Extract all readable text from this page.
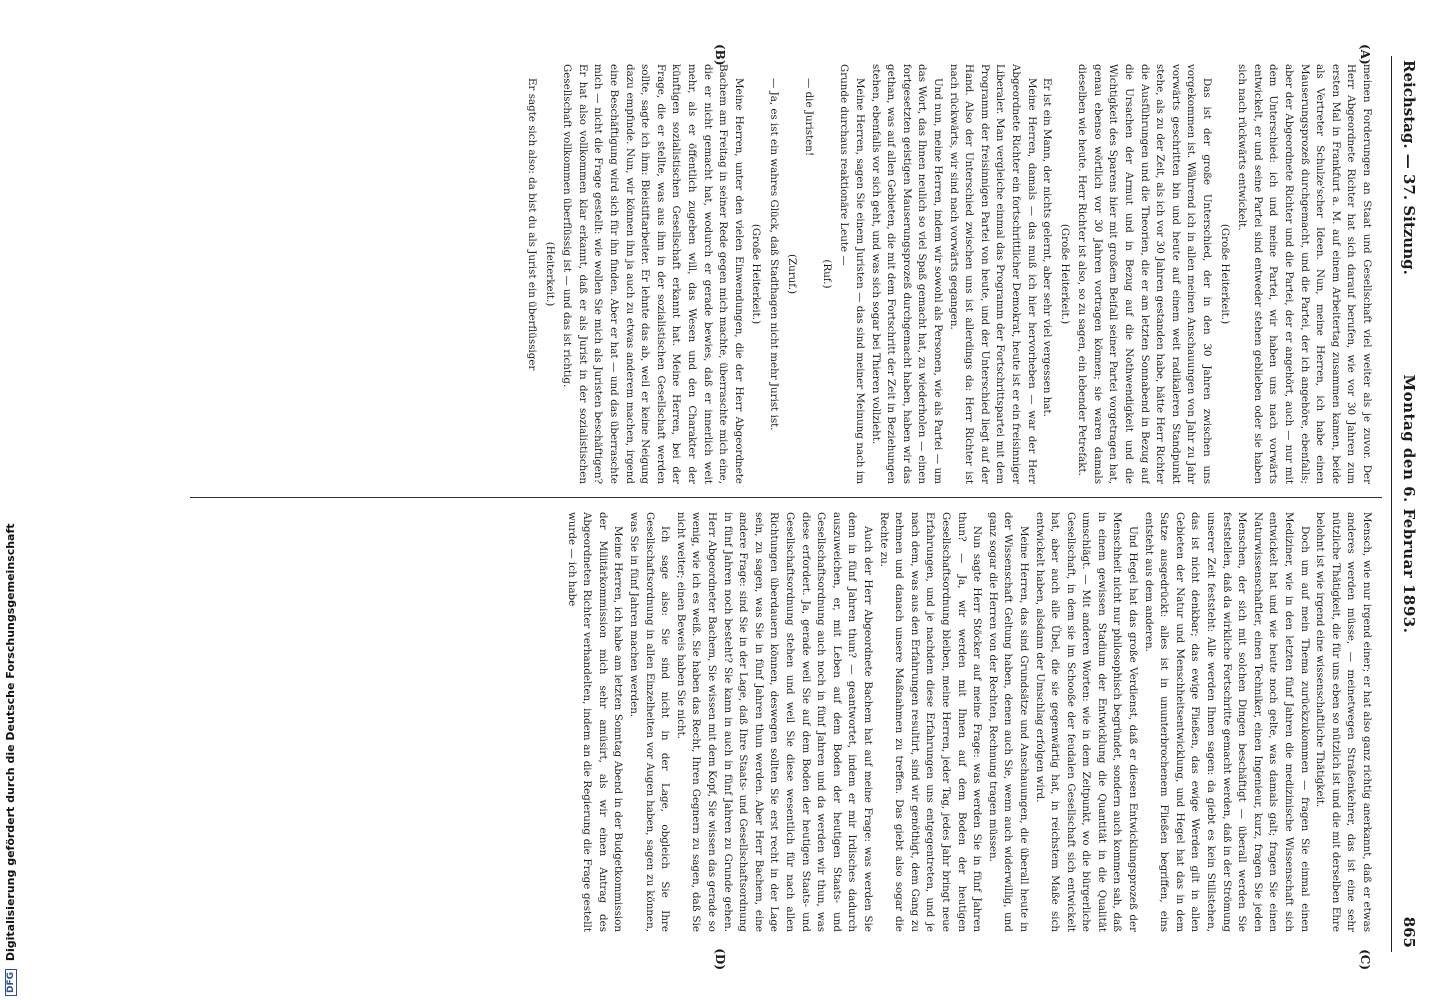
Reichstag. — 37. Sitzung.
Montag den 6. Februar 1893.
865
(A)
(B)
(C)
(D)

meinen Forderungen an Staat und Gesellschaft viel weiter als je zuvor. Der Herr Abgeordnete Richter hat sich darauf berufen, wie vor 30 Jahren zum ersten Mal in Frankfurt a. M. auf einem Arbeitertag zusammen kamen, beide als Vertreter Schulze'scher Ideen. Nun, meine Herren, ich habe einen Mauserungsprozeß durchgemacht, und die Partei, der ich angehöre, ebenfalls; aber der Abgeordnete Richter und die Partei, der er angehört, auch — nur mit dem Unterschied: ich und meine Partei, wir haben uns nach vorwärts entwickelt, er und seine Partei sind entweder stehen geblieben oder sie haben sich nach rückwärts entwickelt.

(Große Heiterkeit.)

Das ist der große Unterschied, der in den 30 Jahren zwischen uns vorgekommen ist. Während ich in allen meinen Anschauungen von Jahr zu Jahr vorwärts geschritten bin und heute auf einem weit radikaleren Standpunkt stehe, als zu der Zeit, als ich vor 30 Jahren gestanden habe, hätte Herr Richter die Ausführungen und die Theorien, die er am letzten Sonnabend in Bezug auf die Ursachen der Armut und in Bezug auf die Nothwendigkeit und die Wichtigkeit des Sparens hier mit großem Beifall seiner Partei vorgetragen hat, genau ebenso wörtlich vor 30 Jahren vortragen können; sie waren damals dieselben wie heute. Herr Richter ist also, so zu sagen, ein lebender Petrefakt.

(Große Heiterkeit.)

Er ist ein Mann, der nichts gelernt, aber sehr viel vergessen hat.

Meine Herren, damals — das muß ich hier hervorheben — war der Herr Abgeordnete Richter ein fortschrittlicher Demokrat, heute ist er ein freisinniger Liberaler. Man vergleiche einmal das Programm der Fortschrittspartei mit dem Programm der freisinnigen Partei von heute, und der Unterschied liegt auf der Hand. Also der Unterschied zwischen uns ist allerdings da: Herr Richter ist nach rückwärts, wir sind nach vorwärts gegangen.

Und nun, meine Herren, indem wir sowohl als Personen, wie als Partei — um das Wort, das Ihnen neulich so viel Spaß gemacht hat, zu wiederholen — einen fortgesetzten geistigen Mauserungsprozeß durchgemacht haben, haben wir das gethan, was auf allen Gebieten, die mit dem Fortschritt der Zeit in Beziehungen stehen, ebenfalls vor sich geht, und was sich sogar bei Thieren vollzieht.

Meine Herren, sagen Sie einem Juristen — das sind meiner Meinung nach im Grunde durchaus reaktionäre Leute —

(Ruf.)

— die Juristen!

(Zuruf.)

— Ja, es ist ein wahres Glück, daß Stadthagen nicht mehr Jurist ist.

(Große Heiterkeit.)

Meine Herren, unter den vielen Einwendungen, die der Herr Abgeordnete Bachem am Freitag in seiner Rede gegen mich machte, überraschte mich eine, die er nicht gemacht hat, wodurch er gerade bewies, daß er innerlich weit mehr, als er öffentlich zugeben will, das Wesen und den Charakter der künftigen sozialistischen Gesellschaft erkannt hat. Meine Herren, bei der Frage, die er stellte, was aus ihm in der sozialistischen Gesellschaft werden sollte, sagte ich ihm: Bleistiftarbeiter. Er lehnte das ab, weil er keine Neigung dazu empfinde. Nun, wir können ihn ja auch zu etwas anderem machen, irgend eine Beschäftigung wird sich für ihn finden. Aber er hat — und das überraschte mich — nicht die Frage gestellt: wie wollen Sie mich als Juristen beschäftigen? Er hat also vollkommen klar erkannt, daß er als Jurist in der sozialistischen Gesellschaft vollkommen überflüssig ist — und das ist richtig.

(Heiterkeit.)

Er sagte sich also: da bist du als Jurist ein überflüssiger

Mensch, wie nur irgend einer; er hat also ganz richtig anerkannt, daß er etwas anderes werden müsse, — meinetwegen Straßenkehrer, das ist eine sehr nützliche Thätigkeit, die für uns eben so nützlich ist und die mit derselben Ehre belohnt ist wie irgend eine wissenschaftliche Thätigkeit.

Doch um auf mein Thema zurückzukommen — fragen Sie einmal einen Mediziner, wie in den letzten fünf Jahren die medizinische Wissenschaft sich entwickelt hat und wie heute noch gelte, was damals galt; fragen Sie einen Naturwissenschaftler, einen Techniker, einen Ingenieur, kurz, fragen Sie jeden Menschen, der sich mit solchen Dingen beschäftigt — überall werden Sie feststellen, daß da wirkliche Fortschritte gemacht werden, daß in der Strömung unserer Zeit feststeht: Alle werden Ihnen sagen: da giebt es kein Stillstehen, das ist nicht denkbar; das ewige Fließen, das ewige Werden gilt in allen Gebieten der Natur und Menschheitsentwicklung, und Hegel hat das in dem Satze ausgedrückt: alles ist in ununterbrochenem Fließen begriffen, eins entsteht aus dem anderen.

Und Hegel hat das große Verdienst, daß er diesen Entwicklungsprozeß der Menschheit nicht nur philosophisch begründet, sondern auch kommen sah, daß in einem gewissen Stadium der Entwicklung die Quantität in die Qualität umschlägt. — Mit anderen Worten: wie in dem Zeitpunkt, wo die bürgerliche Gesellschaft, in dem sie im Schooße der feudalen Gesellschaft sich entwickelt hat, aber auch alle Übel, die sie gegenwärtig hat, in reichstem Maße sich entwickelt haben, alsdann der Umschlag erfolgen wird.

Meine Herren, das sind Grundsätze und Anschauungen, die überall heute in der Wissenschaft Geltung haben, denen auch Sie, wenn auch widerwillig, und ganz sogar die Herren von der Rechten, Rechnung tragen müssen.

Nun sagte Herr Stöcker auf meine Frage: was werden Sie in fünf Jahren thun? — Ja, wir werden mit Ihnen auf dem Boden der heutigen Gesellschaftsordnung bleiben, meine Herren, jeder Tag, jedes Jahr bringt neue Erfahrungen, und je nachdem diese Erfahrungen uns entgegentreten, und je nach dem, was aus den Erfahrungen resultirt, sind wir genöthigt, dem Gang zu nehmen und danach unsere Maßnahmen zu treffen. Das giebt also sogar die Rechte zu.

Auch der Herr Abgeordnete Bachem hat auf meine Frage: was werden Sie denn in fünf Jahren thun? — geantwortet, indem er mir Irdisches dadurch auszuweichen, er, mit Leben auf dem Boden der heutigen Staats- und Gesellschaftsordnung auch noch in fünf Jahren und da werden wir thun, was diese erfordert. Ja, gerade weil Sie auf dem Boden der heutigen Staats- und Gesellschaftsordnung stehen und weil Sie diese wesentlich für nach allen Richtungen überdauern können, deswegen sollten Sie erst recht in der Lage sein, zu sagen, was Sie in fünf Jahren thun werden. Aber Herr Bachem, eine andere Frage: sind Sie in der Lage, daß Ihre Staats- und Gesellschaftsordnung in fünf Jahren noch besteht? Sie kann in auch in fünf Jahren zu Grunde gehen. Herr Abgeordneter Bachem, Sie wissen mit dem Kopf, Sie wissen das gerade so wenig, wie ich es weiß. Sie haben das Recht, Ihren Gegnern zu sagen, daß Sie nicht weiter; einen Beweis haben Sie nicht.

Ich sage also: Sie sind nicht in der Lage, obgleich Sie Ihre Gesellschaftsordnung in allen Einzelheiten vor Augen haben, sagen zu können, was Sie in fünf Jahren machen werden.

Meine Herren, ich habe am letzten Sonntag Abend in der Budgetkommission der Militärkommission mich sehr amüsirt, als wir einen Antrag des Abgeordneten Richter verhandelten, indem an die Regierung die Frage gestellt wurde — ich habe

DFG Digitalisierung gefördert durch die Deutsche Forschungsgemeinschaft
